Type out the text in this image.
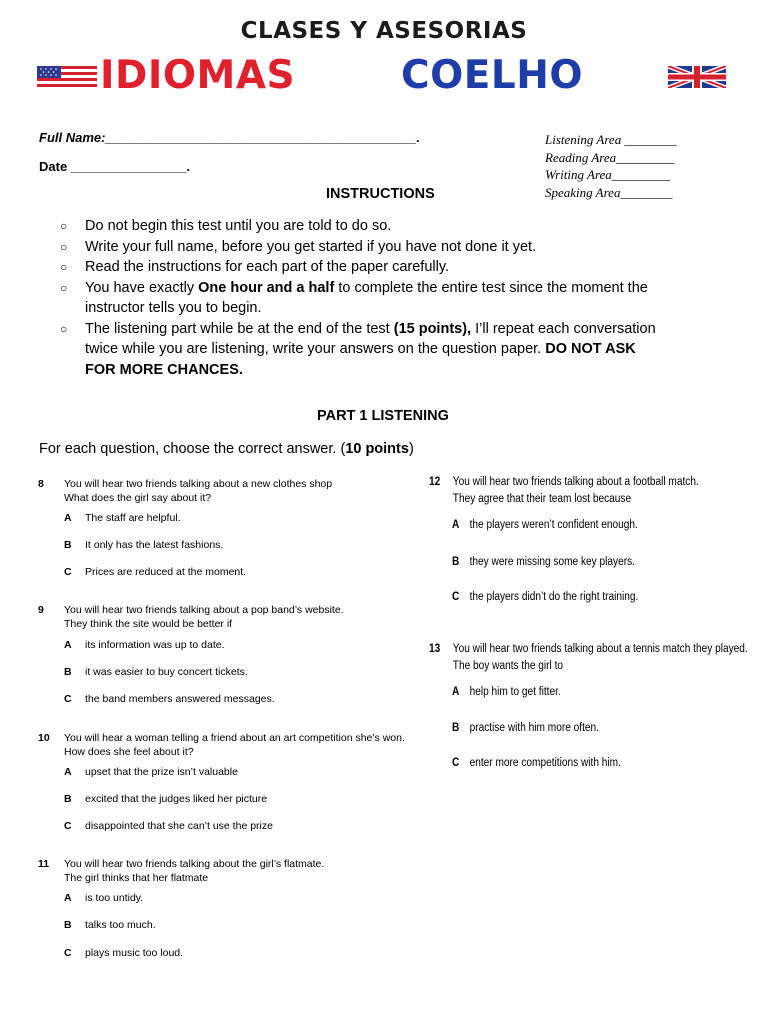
CLASES Y ASESORIAS
IDIOMAS	COELHO
Full Name:___________________________________________.
Date ________________.
Listening Area ________
Reading Area_________
Writing Area_________
Speaking Area________
INSTRUCTIONS
○ Do not begin this test until you are told to do so.
○ Write your full name, before you get started if you have not done it yet.
○ Read the instructions for each part of the paper carefully.
○ You have exactly One hour and a half to complete the entire test since the moment the instructor tells you to begin.
○ The listening part while be at the end of the test (15 points), I’ll repeat each conversation twice while you are listening, write your answers on the question paper. DO NOT ASK FOR MORE CHANCES.
PART 1 LISTENING
For each question, choose the correct answer. (10 points)
8 You will hear two friends talking about a new clothes shop
What does the girl say about it?
A The staff are helpful.
B It only has the latest fashions.
C Prices are reduced at the moment.
9 You will hear two friends talking about a pop band’s website.
They think the site would be better if
A its information was up to date.
B it was easier to buy concert tickets.
C the band members answered messages.
10 You will hear a woman telling a friend about an art competition she’s won.
How does she feel about it?
A upset that the prize isn’t valuable
B excited that the judges liked her picture
C disappointed that she can’t use the prize
11 You will hear two friends talking about the girl’s flatmate.
The girl thinks that her flatmate
A is too untidy.
B talks too much.
C plays music too loud.
12 You will hear two friends talking about a football match.
They agree that their team lost because
A the players weren’t confident enough.
B they were missing some key players.
C the players didn’t do the right training.
13 You will hear two friends talking about a tennis match they played.
The boy wants the girl to
A help him to get fitter.
B practise with him more often.
C enter more competitions with him.
